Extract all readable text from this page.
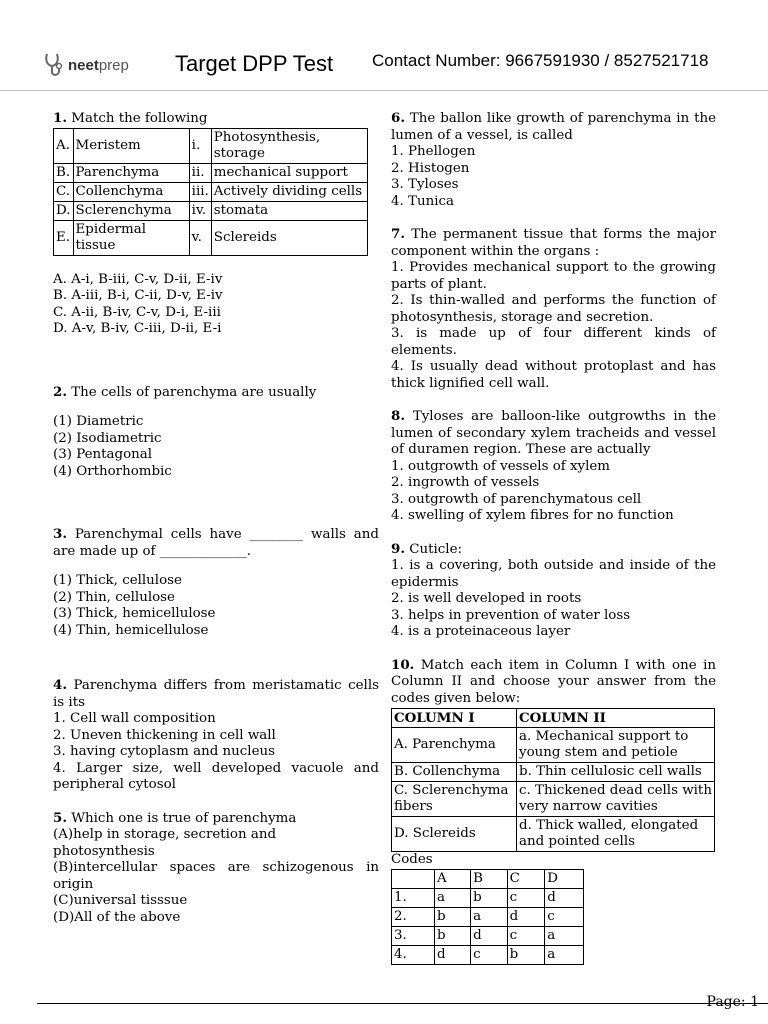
neet prep Target DPP Test Contact Number: 9667591930 / 8527521718

1. Match the following

A.	Meristem	i.	Photosynthesis, storage
B.	Parenchyma	ii.	mechanical support
C.	Collenchyma	iii.	Actively dividing cells
D.	Sclerenchyma	iv.	stomata
E.	Epidermal tissue	v.	Sclereids

A. A-i, B-iii, C-v, D-ii, E-iv

B. A-iii, B-i, C-ii, D-v, E-iv

C. A-ii, B-iv, C-v, D-i, E-iii

D. A-v, B-iv, C-iii, D-ii, E-i

2. The cells of parenchyma are usually

(1) Diametric

(2) Isodiametric

(3) Pentagonal

(4) Orthorhombic

3. Parenchymal cells have ________ walls and are made up of _____________.

(1) Thick, cellulose

(2) Thin, cellulose

(3) Thick, hemicellulose

(4) Thin, hemicellulose

4. Parenchyma differs from meristamatic cells is its

1. Cell wall composition

2. Uneven thickening in cell wall

3. having cytoplasm and nucleus

4. Larger size, well developed vacuole and peripheral cytosol

5. Which one is true of parenchyma

(A)help in storage, secretion and photosynthesis

(B)intercellular spaces are schizogenous in origin

(C)universal tisssue

(D)All of the above

6. The ballon like growth of parenchyma in the lumen of a vessel, is called

1. Phellogen

2. Histogen

3. Tyloses

4. Tunica

7. The permanent tissue that forms the major component within the organs :

1. Provides mechanical support to the growing parts of plant.

2. Is thin-walled and performs the function of photosynthesis, storage and secretion.

3. is made up of four different kinds of elements.

4. Is usually dead without protoplast and has thick lignified cell wall.

8. Tyloses are balloon-like outgrowths in the lumen of secondary xylem tracheids and vessel of duramen region. These are actually

1. outgrowth of vessels of xylem

2. ingrowth of vessels

3. outgrowth of parenchymatous cell

4. swelling of xylem fibres for no function

9. Cuticle:

1. is a covering, both outside and inside of the epidermis

2. is well developed in roots

3. helps in prevention of water loss

4. is a proteinaceous layer

10. Match each item in Column I with one in Column II and choose your answer from the codes given below:

COLUMN I	COLUMN II
A. Parenchyma	a. Mechanical support to young stem and petiole
B. Collenchyma	b. Thin cellulosic cell walls
C. Sclerenchyma fibers	c. Thickened dead cells with very narrow cavities
D. Sclereids	d. Thick walled, elongated and pointed cells

Codes

	A	B	C	D
1.	a	b	c	d
2.	b	a	d	c
3.	b	d	c	a
4.	d	c	b	a
Page: 1
